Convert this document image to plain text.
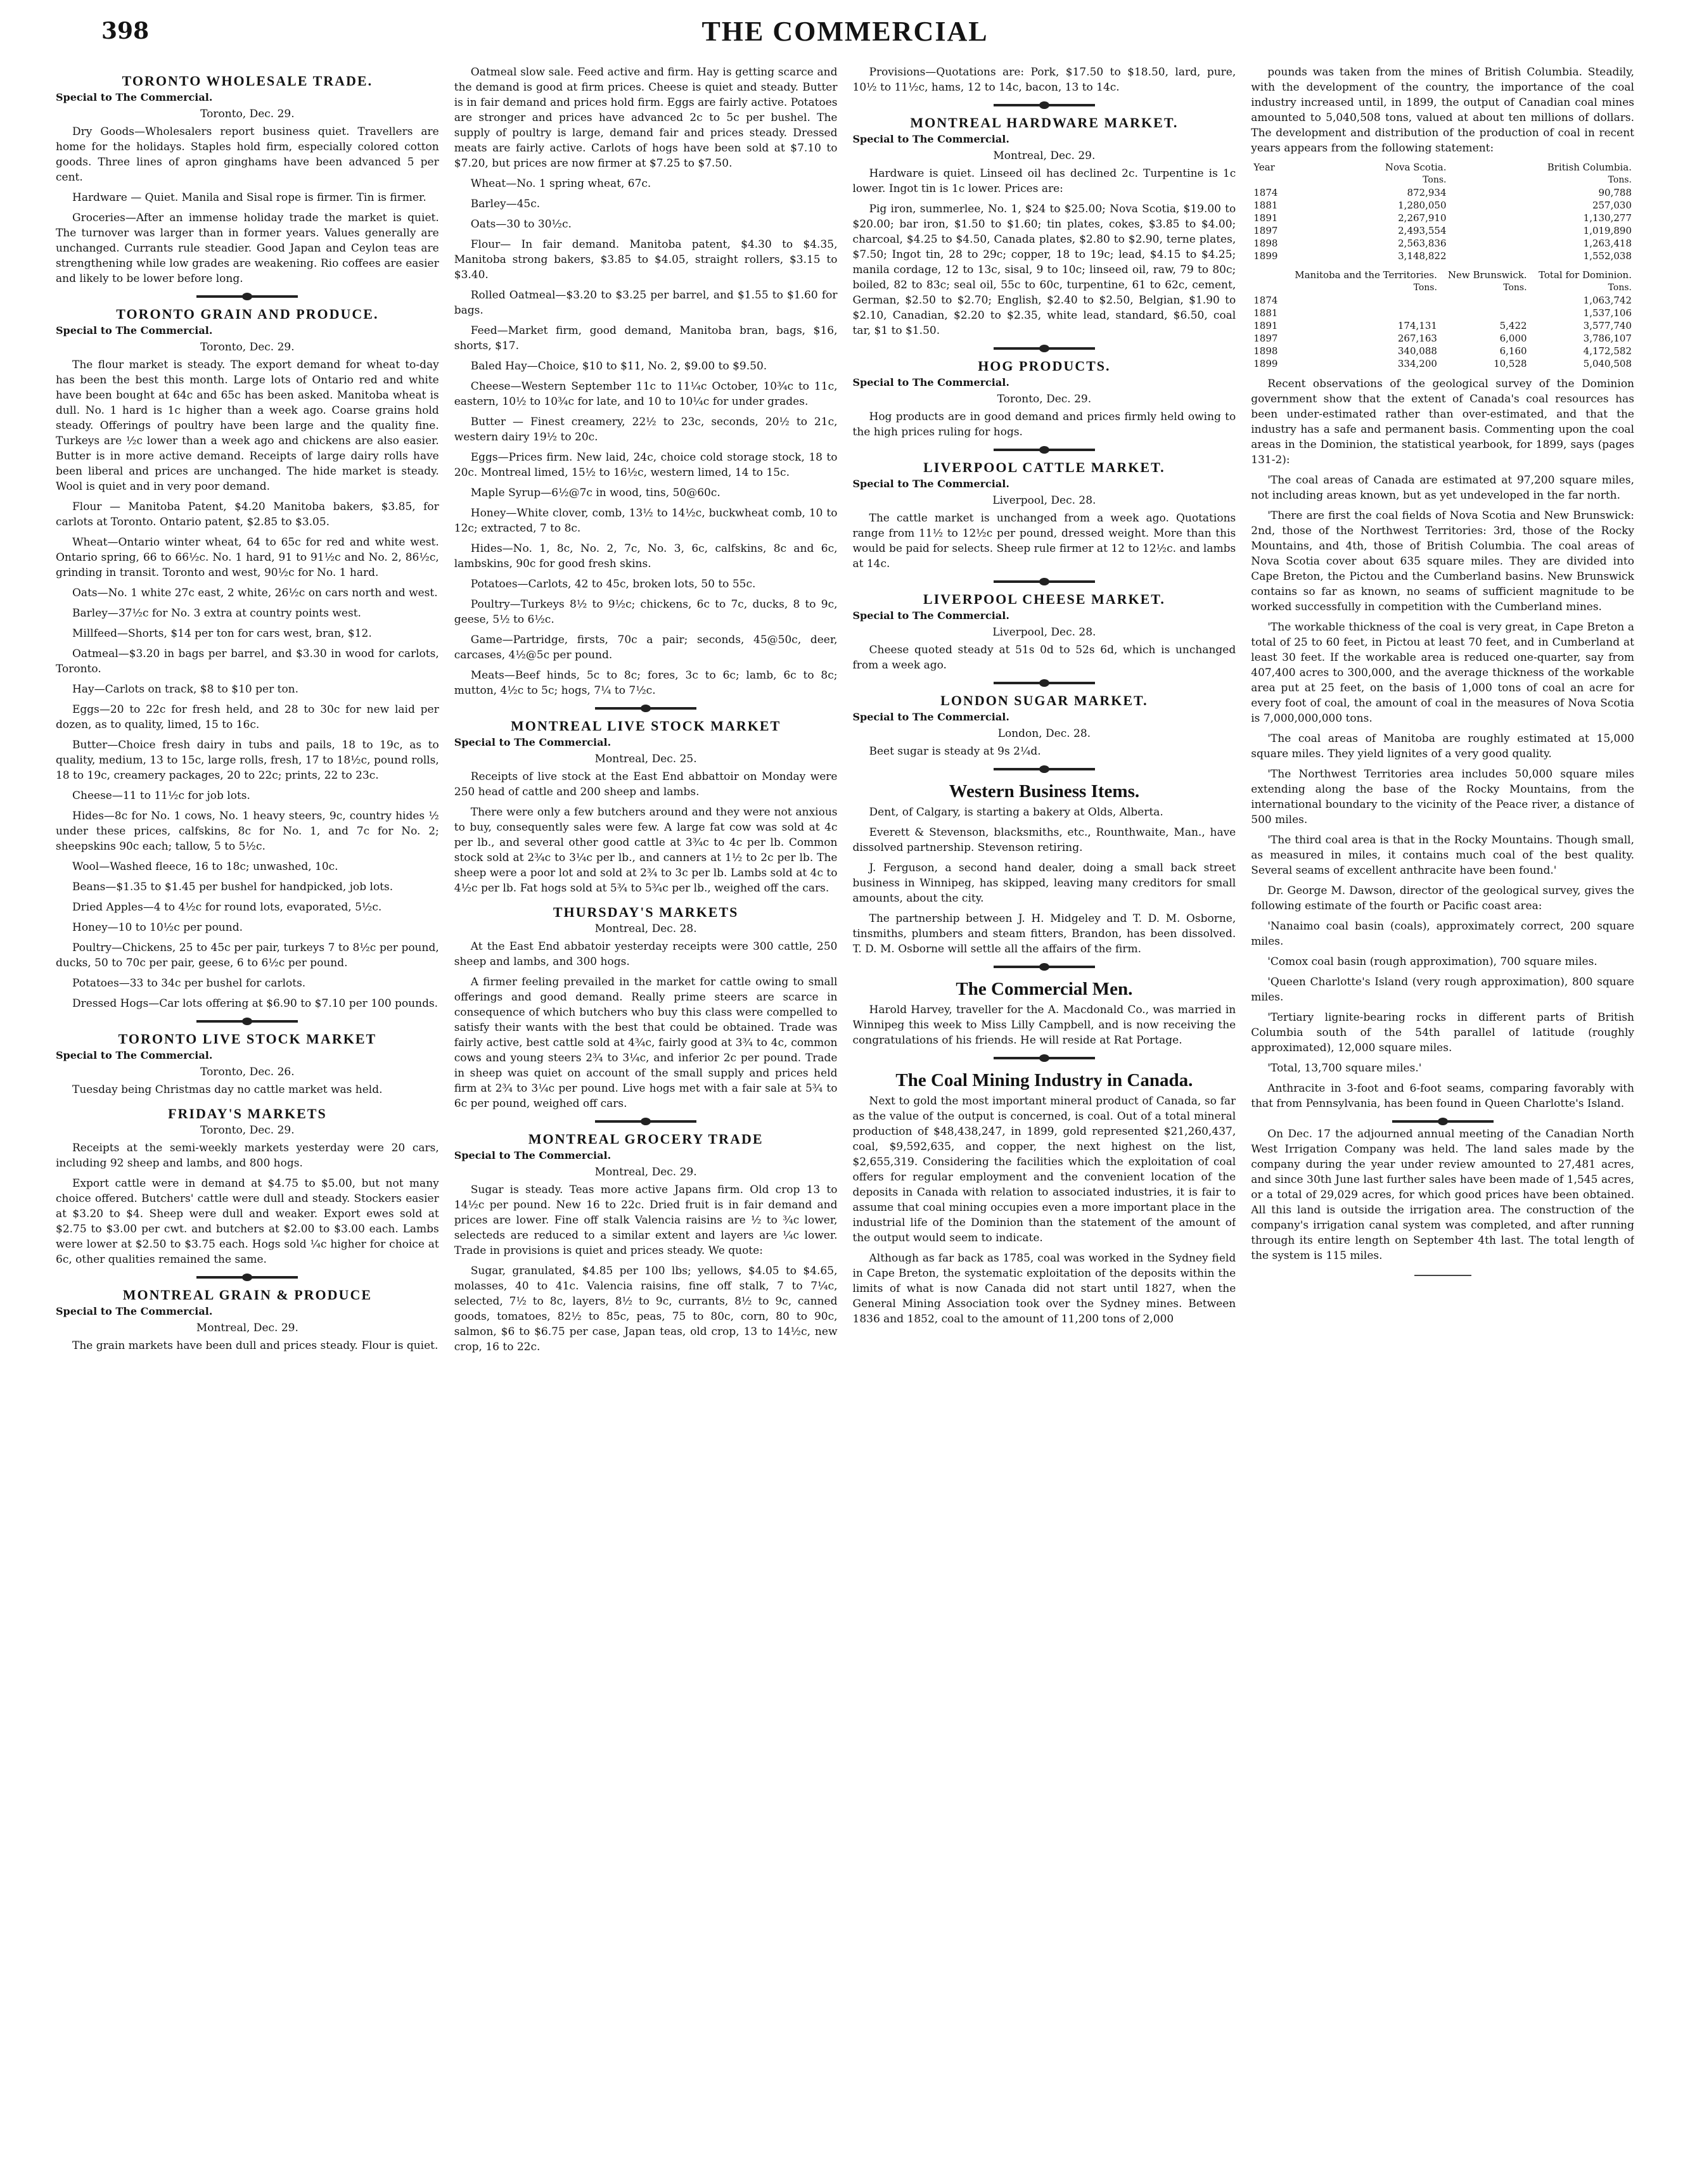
398	THE COMMERCIAL
TORONTO WHOLESALE TRADE.
Special to The Commercial.
Toronto, Dec. 29.

Dry Goods—Wholesalers report business quiet. Travellers are home for the holidays. Staples hold firm, especially colored cotton goods. Three lines of apron ginghams have been advanced 5 per cent.

Hardware — Quiet. Manila and Sisal rope is firmer. Tin is firmer.

Groceries—After an immense holiday trade the market is quiet. The turnover was larger than in former years. Values generally are unchanged. Currants rule steadier. Good Japan and Ceylon teas are strengthening while low grades are weakening. Rio coffees are easier and likely to be lower before long.

TORONTO GRAIN AND PRODUCE.
Special to The Commercial.
Toronto, Dec. 29.

The flour market is steady. The export demand for wheat to-day has been the best this month. Large lots of Ontario red and white have been bought at 64c and 65c has been asked. Manitoba wheat is dull. No. 1 hard is 1c higher than a week ago. Coarse grains hold steady. Offerings of poultry have been large and the quality fine. Turkeys are ½c lower than a week ago and chickens are also easier. Butter is in more active demand. Receipts of large dairy rolls have been liberal and prices are unchanged. The hide market is steady. Wool is quiet and in very poor demand.

Flour — Manitoba Patent, $4.20 Manitoba bakers, $3.85, for carlots at Toronto. Ontario patent, $2.85 to $3.05.

Wheat—Ontario winter wheat, 64 to 65c for red and white west. Ontario spring, 66 to 66½c. No. 1 hard, 91 to 91½c and No. 2, 86½c, grinding in transit. Toronto and west, 90½c for No. 1 hard.

Oats—No. 1 white 27c east, 2 white, 26½c on cars north and west.

Barley—37½c for No. 3 extra at country points west.

Millfeed—Shorts, $14 per ton for cars west, bran, $12.

Oatmeal—$3.20 in bags per barrel, and $3.30 in wood for carlots, Toronto.

Hay—Carlots on track, $8 to $10 per ton.

Eggs—20 to 22c for fresh held, and 28 to 30c for new laid per dozen, as to quality, limed, 15 to 16c.

Butter—Choice fresh dairy in tubs and pails, 18 to 19c, as to quality, medium, 13 to 15c, large rolls, fresh, 17 to 18½c, pound rolls, 18 to 19c, creamery packages, 20 to 22c; prints, 22 to 23c.

Cheese—11 to 11½c for job lots.

Hides—8c for No. 1 cows, No. 1 heavy steers, 9c, country hides ½ under these prices, calfskins, 8c for No. 1, and 7c for No. 2; sheepskins 90c each; tallow, 5 to 5½c.

Wool—Washed fleece, 16 to 18c; unwashed, 10c.

Beans—$1.35 to $1.45 per bushel for handpicked, job lots.

Dried Apples—4 to 4½c for round lots, evaporated, 5½c.

Honey—10 to 10½c per pound.

Poultry—Chickens, 25 to 45c per pair, turkeys 7 to 8½c per pound, ducks, 50 to 70c per pair, geese, 6 to 6½c per pound.

Potatoes—33 to 34c per bushel for carlots.

Dressed Hogs—Car lots offering at $6.90 to $7.10 per 100 pounds.

TORONTO LIVE STOCK MARKET
Special to The Commercial.
Toronto, Dec. 26.

Tuesday being Christmas day no cattle market was held.

FRIDAY'S MARKETS
Toronto, Dec. 29.

Receipts at the semi-weekly markets yesterday were 20 cars, including 92 sheep and lambs, and 800 hogs.

Export cattle were in demand at $4.75 to $5.00, but not many choice offered. Butchers' cattle were dull and steady. Stockers easier at $3.20 to $4. Sheep were dull and weaker. Export ewes sold at $2.75 to $3.00 per cwt. and butchers at $2.00 to $3.00 each. Lambs were lower at $2.50 to $3.75 each. Hogs sold ¼c higher for choice at 6c, other qualities remained the same.

MONTREAL GRAIN & PRODUCE
Special to The Commercial.
Montreal, Dec. 29.

The grain markets have been dull and prices steady. Flour is quiet.

Oatmeal slow sale. Feed active and firm. Hay is getting scarce and the demand is good at firm prices. Cheese is quiet and steady. Butter is in fair demand and prices hold firm. Eggs are fairly active. Potatoes are stronger and prices have advanced 2c to 5c per bushel. The supply of poultry is large, demand fair and prices steady. Dressed meats are fairly active. Carlots of hogs have been sold at $7.10 to $7.20, but prices are now firmer at $7.25 to $7.50.

Wheat—No. 1 spring wheat, 67c.

Barley—45c.

Oats—30 to 30½c.

Flour— In fair demand. Manitoba patent, $4.30 to $4.35, Manitoba strong bakers, $3.85 to $4.05, straight rollers, $3.15 to $3.40.

Rolled Oatmeal—$3.20 to $3.25 per barrel, and $1.55 to $1.60 for bags.

Feed—Market firm, good demand, Manitoba bran, bags, $16, shorts, $17.

Baled Hay—Choice, $10 to $11, No. 2, $9.00 to $9.50.

Cheese—Western September 11c to 11¼c October, 10¾c to 11c, eastern, 10½ to 10¾c for late, and 10 to 10¼c for under grades.

Butter — Finest creamery, 22½ to 23c, seconds, 20½ to 21c, western dairy 19½ to 20c.

Eggs—Prices firm. New laid, 24c, choice cold storage stock, 18 to 20c. Montreal limed, 15½ to 16½c, western limed, 14 to 15c.

Maple Syrup—6½@7c in wood, tins, 50@60c.

Honey—White clover, comb, 13½ to 14½c, buckwheat comb, 10 to 12c; extracted, 7 to 8c.

Hides—No. 1, 8c, No. 2, 7c, No. 3, 6c, calfskins, 8c and 6c, lambskins, 90c for good fresh skins.

Potatoes—Carlots, 42 to 45c, broken lots, 50 to 55c.

Poultry—Turkeys 8½ to 9½c; chickens, 6c to 7c, ducks, 8 to 9c, geese, 5½ to 6½c.

Game—Partridge, firsts, 70c a pair; seconds, 45@50c, deer, carcases, 4½@5c per pound.

Meats—Beef hinds, 5c to 8c; fores, 3c to 6c; lamb, 6c to 8c; mutton, 4½c to 5c; hogs, 7¼ to 7½c.

MONTREAL LIVE STOCK MARKET
Special to The Commercial.
Montreal, Dec. 25.

Receipts of live stock at the East End abbattoir on Monday were 250 head of cattle and 200 sheep and lambs.

There were only a few butchers around and they were not anxious to buy, consequently sales were few. A large fat cow was sold at 4c per lb., and several other good cattle at 3¾c to 4c per lb. Common stock sold at 2¾c to 3¼c per lb., and canners at 1½ to 2c per lb. The sheep were a poor lot and sold at 2¾ to 3c per lb. Lambs sold at 4c to 4½c per lb. Fat hogs sold at 5¾ to 5¾c per lb., weighed off the cars.

THURSDAY'S MARKETS
Montreal, Dec. 28.

At the East End abbatoir yesterday receipts were 300 cattle, 250 sheep and lambs, and 300 hogs.

A firmer feeling prevailed in the market for cattle owing to small offerings and good demand. Really prime steers are scarce in consequence of which butchers who buy this class were compelled to satisfy their wants with the best that could be obtained. Trade was fairly active, best cattle sold at 4¾c, fairly good at 3¾ to 4c, common cows and young steers 2¾ to 3¼c, and inferior 2c per pound. Trade in sheep was quiet on account of the small supply and prices held firm at 2¾ to 3¼c per pound. Live hogs met with a fair sale at 5¾ to 6c per pound, weighed off cars.

MONTREAL GROCERY TRADE
Special to The Commercial.
Montreal, Dec. 29.

Sugar is steady. Teas more active Japans firm. Old crop 13 to 14½c per pound. New 16 to 22c. Dried fruit is in fair demand and prices are lower. Fine off stalk Valencia raisins are ½ to ¾c lower, selecteds are reduced to a similar extent and layers are ¼c lower. Trade in provisions is quiet and prices steady. We quote:

Sugar, granulated, $4.85 per 100 lbs; yellows, $4.05 to $4.65, molasses, 40 to 41c. Valencia raisins, fine off stalk, 7 to 7¼c, selected, 7½ to 8c, layers, 8½ to 9c, currants, 8½ to 9c, canned goods, tomatoes, 82½ to 85c, peas, 75 to 80c, corn, 80 to 90c, salmon, $6 to $6.75 per case, Japan teas, old crop, 13 to 14½c, new crop, 16 to 22c.

Provisions—Quotations are: Pork, $17.50 to $18.50, lard, pure, 10½ to 11½c, hams, 12 to 14c, bacon, 13 to 14c.

MONTREAL HARDWARE MARKET.
Special to The Commercial.
Montreal, Dec. 29.

Hardware is quiet. Linseed oil has declined 2c. Turpentine is 1c lower. Ingot tin is 1c lower. Prices are:

Pig iron, summerlee, No. 1, $24 to $25.00; Nova Scotia, $19.00 to $20.00; bar iron, $1.50 to $1.60; tin plates, cokes, $3.85 to $4.00; charcoal, $4.25 to $4.50, Canada plates, $2.80 to $2.90, terne plates, $7.50; Ingot tin, 28 to 29c; copper, 18 to 19c; lead, $4.15 to $4.25; manila cordage, 12 to 13c, sisal, 9 to 10c; linseed oil, raw, 79 to 80c; boiled, 82 to 83c; seal oil, 55c to 60c, turpentine, 61 to 62c, cement, German, $2.50 to $2.70; English, $2.40 to $2.50, Belgian, $1.90 to $2.10, Canadian, $2.20 to $2.35, white lead, standard, $6.50, coal tar, $1 to $1.50.

HOG PRODUCTS.
Special to The Commercial.
Toronto, Dec. 29.

Hog products are in good demand and prices firmly held owing to the high prices ruling for hogs.

LIVERPOOL CATTLE MARKET.
Special to The Commercial.
Liverpool, Dec. 28.

The cattle market is unchanged from a week ago. Quotations range from 11½ to 12½c per pound, dressed weight. More than this would be paid for selects. Sheep rule firmer at 12 to 12½c. and lambs at 14c.

LIVERPOOL CHEESE MARKET.
Special to The Commercial.
Liverpool, Dec. 28.

Cheese quoted steady at 51s 0d to 52s 6d, which is unchanged from a week ago.

LONDON SUGAR MARKET.
Special to The Commercial.
London, Dec. 28.

Beet sugar is steady at 9s 2¼d.

Western Business Items.

Dent, of Calgary, is starting a bakery at Olds, Alberta.

Everett & Stevenson, blacksmiths, etc., Rounthwaite, Man., have dissolved partnership. Stevenson retiring.

J. Ferguson, a second hand dealer, doing a small back street business in Winnipeg, has skipped, leaving many creditors for small amounts, about the city.

The partnership between J. H. Midgeley and T. D. M. Osborne, tinsmiths, plumbers and steam fitters, Brandon, has been dissolved. T. D. M. Osborne will settle all the affairs of the firm.

The Commercial Men.

Harold Harvey, traveller for the A. Macdonald Co., was married in Winnipeg this week to Miss Lilly Campbell, and is now receiving the congratulations of his friends. He will reside at Rat Portage.

The Coal Mining Industry in Canada.

Next to gold the most important mineral product of Canada, so far as the value of the output is concerned, is coal. Out of a total mineral production of $48,438,247, in 1899, gold represented $21,260,437, coal, $9,592,635, and copper, the next highest on the list, $2,655,319. Considering the facilities which the exploitation of coal offers for regular employment and the convenient location of the deposits in Canada with relation to associated industries, it is fair to assume that coal mining occupies even a more important place in the industrial life of the Dominion than the statement of the amount of the output would seem to indicate.

Although as far back as 1785, coal was worked in the Sydney field in Cape Breton, the systematic exploitation of the deposits within the limits of what is now Canada did not start until 1827, when the General Mining Association took over the Sydney mines. Between 1836 and 1852, coal to the amount of 11,200 tons of 2,000

pounds was taken from the mines of British Columbia. Steadily, with the development of the country, the importance of the coal industry increased until, in 1899, the output of Canadian coal mines amounted to 5,040,508 tons, valued at about ten millions of dollars. The development and distribution of the production of coal in recent years appears from the following statement:

Year	Nova Scotia.	British Columbia.
	Tons.	Tons.
1874	872,934	90,788
1881	1,280,050	257,030
1891	2,267,910	1,130,277
1897	2,493,554	1,019,890
1898	2,563,836	1,263,418
1899	3,148,822	1,552,038
	Manitoba and the Territories.	New Brunswick.	Total for Dominion.
	Tons.	Tons.	Tons.
1874			1,063,742
1881			1,537,106
1891	174,131	5,422	3,577,740
1897	267,163	6,000	3,786,107
1898	340,088	6,160	4,172,582
1899	334,200	10,528	5,040,508

Recent observations of the geological survey of the Dominion government show that the extent of Canada's coal resources has been under-estimated rather than over-estimated, and that the industry has a safe and permanent basis. Commenting upon the coal areas in the Dominion, the statistical yearbook, for 1899, says (pages 131-2):

'The coal areas of Canada are estimated at 97,200 square miles, not including areas known, but as yet undeveloped in the far north.

'There are first the coal fields of Nova Scotia and New Brunswick: 2nd, those of the Northwest Territories: 3rd, those of the Rocky Mountains, and 4th, those of British Columbia. The coal areas of Nova Scotia cover about 635 square miles. They are divided into Cape Breton, the Pictou and the Cumberland basins. New Brunswick contains so far as known, no seams of sufficient magnitude to be worked successfully in competition with the Cumberland mines.

'The workable thickness of the coal is very great, in Cape Breton a total of 25 to 60 feet, in Pictou at least 70 feet, and in Cumberland at least 30 feet. If the workable area is reduced one-quarter, say from 407,400 acres to 300,000, and the average thickness of the workable area put at 25 feet, on the basis of 1,000 tons of coal an acre for every foot of coal, the amount of coal in the measures of Nova Scotia is 7,000,000,000 tons.

'The coal areas of Manitoba are roughly estimated at 15,000 square miles. They yield lignites of a very good quality.

'The Northwest Territories area includes 50,000 square miles extending along the base of the Rocky Mountains, from the international boundary to the vicinity of the Peace river, a distance of 500 miles.

'The third coal area is that in the Rocky Mountains. Though small, as measured in miles, it contains much coal of the best quality. Several seams of excellent anthracite have been found.'

Dr. George M. Dawson, director of the geological survey, gives the following estimate of the fourth or Pacific coast area:

'Nanaimo coal basin (coals), approximately correct, 200 square miles.

'Comox coal basin (rough approximation), 700 square miles.

'Queen Charlotte's Island (very rough approximation), 800 square miles.

'Tertiary lignite-bearing rocks in different parts of British Columbia south of the 54th parallel of latitude (roughly approximated), 12,000 square miles.

'Total, 13,700 square miles.'

Anthracite in 3-foot and 6-foot seams, comparing favorably with that from Pennsylvania, has been found in Queen Charlotte's Island.

On Dec. 17 the adjourned annual meeting of the Canadian North West Irrigation Company was held. The land sales made by the company during the year under review amounted to 27,481 acres, and since 30th June last further sales have been made of 1,545 acres, or a total of 29,029 acres, for which good prices have been obtained. All this land is outside the irrigation area. The construction of the company's irrigation canal system was completed, and after running through its entire length on September 4th last. The total length of the system is 115 miles.
